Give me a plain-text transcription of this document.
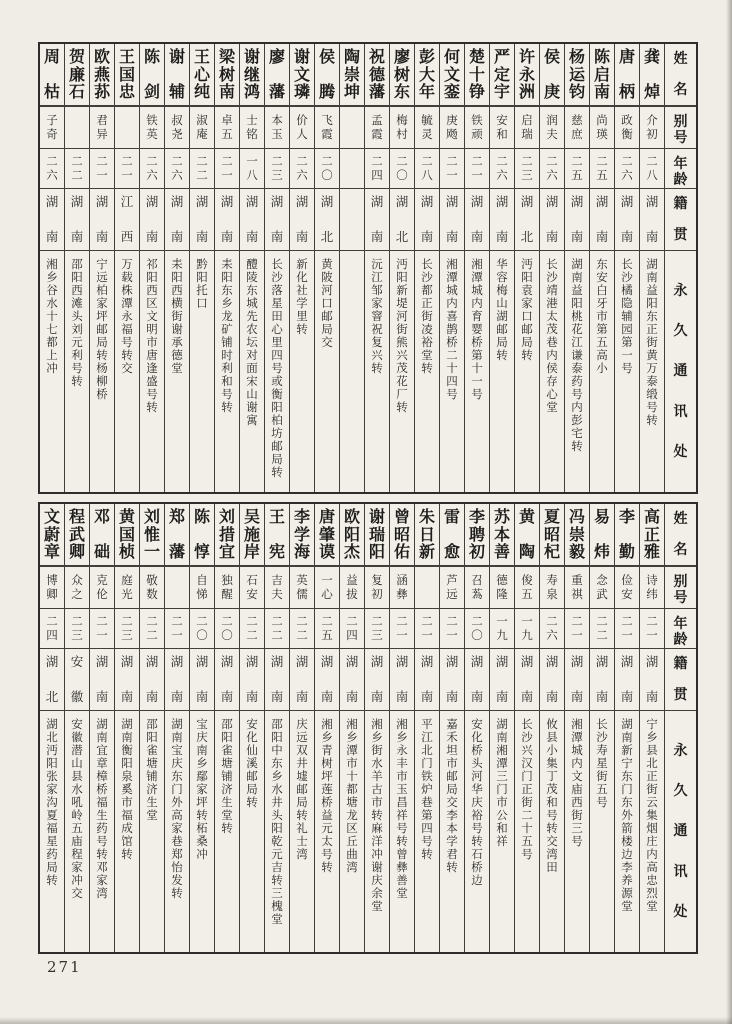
姓
名
别
号
年
龄
籍
贯
永
久
通
讯
处
龚
焯
介
初
二
八
湖
南
湖南益阳东正街黄万泰缎号转
唐
柄
政
衡
二
六
湖
南
长沙橘隐辅园第一号
陈
启
南
尚
瑛
二
五
湖
南
东安白牙市第五高小
杨
运
钧
慈
庶
二
五
湖
南
湖南益阳桃花江谦泰药号内彭宅转
侯
庚
润
夫
二
六
湖
南
长沙靖港太茂巷内侯存心堂
许
永
洲
启
瑞
二
三
湖
北
沔阳袁家口邮局转
严
定
宇
安
和
二
六
湖
南
华容梅山湖邮局转
楚
十
铮
铁
顽
二
一
湖
南
湘潭城内育婴桥第十一号
何
文
銮
庚
飏
二
一
湖
南
湘潭城内喜鹊桥二十四号
彭
大
年
毓
灵
二
八
湖
南
长沙都正街凌裕堂转
廖
树
东
梅
村
二
〇
湖
北
沔阳新堤河街熊兴茂花厂转
祝
德
藩
孟
霞
二
四
湖
南
沅江邹家窨祝复兴转
陶
崇
坤
侯
腾
飞
霞
二
〇
湖
北
黄陂河口邮局交
谢
文
璘
价
人
二
六
湖
南
新化社学里转
廖
藩
本
玉
二
三
湖
南
长沙落星田心里四号或衡阳柏坊邮局转
谢
继
鸿
士
铭
一
八
湖
南
醴陵东城先农坛对面宋山谢寓
梁
树
南
卓
五
二
一
湖
南
耒阳东乡龙矿铺时利和号转
王
心
纯
淑
庵
二
二
湖
南
黔阳托口
谢
辅
叔
尧
二
六
湖
南
耒阳西横街谢承德堂
陈
剑
铁
英
二
六
湖
南
祁阳西区文明市唐逢盛号转
王
国
忠
二
一
江
西
万载株潭永福号转交
欧
燕
荪
君
异
二
一
湖
南
宁远柏家坪邮局转杨柳桥
贺
廉
石
二
二
湖
南
邵阳西滩头刘元利号转
周
枯
子
奇
二
六
湖
南
湘乡谷水十七都上冲
姓
名
别
号
年
龄
籍
贯
永
久
通
讯
处
高
正
雅
诗
纬
二
一
湖
南
宁乡县北正街云集烟庄内高忠烈堂
李
勤
俭
安
二
一
湖
南
湖南新宁东门东外箭楼边李养源堂
易
炜
念
武
二
二
湖
南
长沙寿星街五号
冯
崇
毅
重
祺
二
一
湖
南
湘潭城内文庙西街三号
夏
昭
杞
寿
泉
二
六
湖
南
攸县小集丁茂和号转交湾田
黄
陶
俊
五
一
九
湖
南
长沙兴汉门正街二十五号
苏
本
善
德
隆
一
九
湖
南
湖南湘潭三门市公和祥
李
聘
初
召
蒍
二
〇
湖
南
安化桥头河华庆裕号转石桥边
雷
愈
芦
远
二
一
湖
南
嘉禾坦市邮局交李本学君转
朱
日
新
二
一
湖
南
平江北门铁炉巷第四号转
曾
昭
佑
涵
彝
二
一
湖
南
湘乡永丰市玉昌祥号转曾彝善堂
谢
瑞
阳
复
初
二
三
湖
南
湘乡街水羊古市转麻洋冲谢庆余堂
欧
阳
杰
益
拔
二
四
湖
南
湘乡潭市十都塘龙区丘曲湾
唐
肇
谟
一
心
二
五
湖
南
湘乡青树坪莲桥益元太号转
李
学
海
英
儒
二
二
湖
南
庆远双井墟邮局转礼士湾
王
宪
吉
夫
二
二
湖
南
邵阳中东乡水井头阳乾元吉转三槐堂
吴
施
岸
石
安
二
二
湖
南
安化仙溪邮局转
刘
措
宜
独
醒
二
〇
湖
南
邵阳雀塘铺济生堂转
陈
惇
自
悌
二
〇
湖
南
宝庆南乡鄢家坪转柘桑冲
郑
藩
二
一
湖
南
湖南宝庆东门外高家巷郑怡发转
刘
惟
一
敬
数
二
二
湖
南
邵阳雀塘铺济生堂
黄
国
桢
庭
光
二
三
湖
南
湖南衡阳泉奚市福成馆转
邓
础
克
伦
二
一
湖
南
湖南宜章樟桥福生药号转邓家湾
程
武
卿
众
之
二
三
安
徽
安徽潜山县水吼岭五庙程家冲交
文
蔚
章
博
卿
二
四
湖
北
湖北沔阳张家沟夏福星药局转
271
